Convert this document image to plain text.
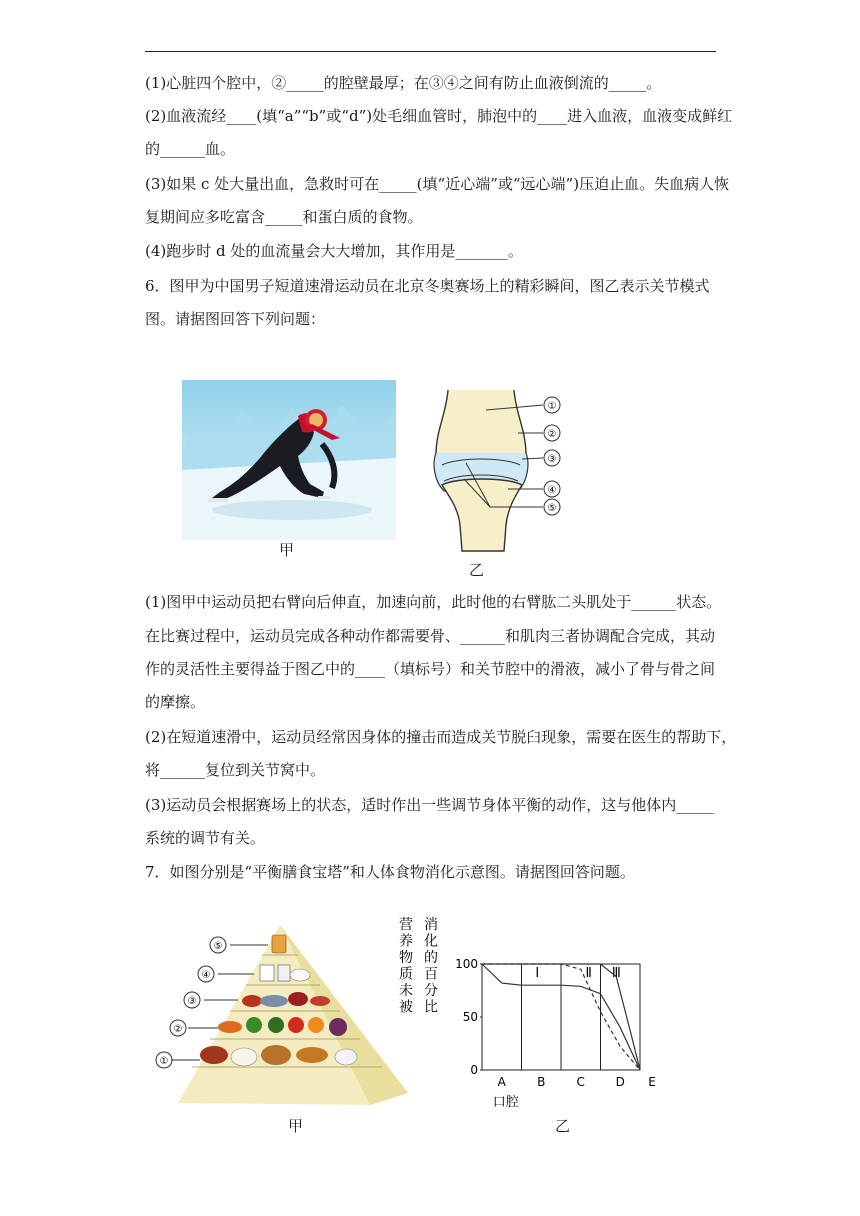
(1)心脏四个腔中，②_____的腔壁最厚；在③④之间有防止血液倒流的_____。
(2)血液流经____(填“a”“b”或“d”)处毛细血管时，肺泡中的____进入血液，血液变成鲜红
的______血。
(3)如果 c 处大量出血，急救时可在_____(填“近心端”或“远心端”)压迫止血。失血病人恢
复期间应多吃富含_____和蛋白质的食物。
(4)跑步时 d 处的血流量会大大增加，其作用是_______。
6．图甲为中国男子短道速滑运动员在北京冬奥赛场上的精彩瞬间，图乙表示关节模式
图。请据图回答下列问题：
甲
①
②
③
④
⑤
乙
(1)图甲中运动员把右臂向后伸直，加速向前，此时他的右臂肱二头肌处于______状态。
在比赛过程中，运动员完成各种动作都需要骨、______和肌肉三者协调配合完成，其动
作的灵活性主要得益于图乙中的____（填标号）和关节腔中的滑液，减小了骨与骨之间
的摩擦。
(2)在短道速滑中，运动员经常因身体的撞击而造成关节脱臼现象，需要在医生的帮助下，
将______复位到关节窝中。
(3)运动员会根据赛场上的状态，适时作出一些调节身体平衡的动作，这与他体内_____
系统的调节有关。
7．如图分别是“平衡膳食宝塔”和人体食物消化示意图。请据图回答问题。
⑤
④
③
②
①
甲
营
养
物
质
未
被
消
化
的
百
分
比
100
50
0
A	B	C	D E
口腔
Ⅰ	Ⅱ Ⅲ
乙
